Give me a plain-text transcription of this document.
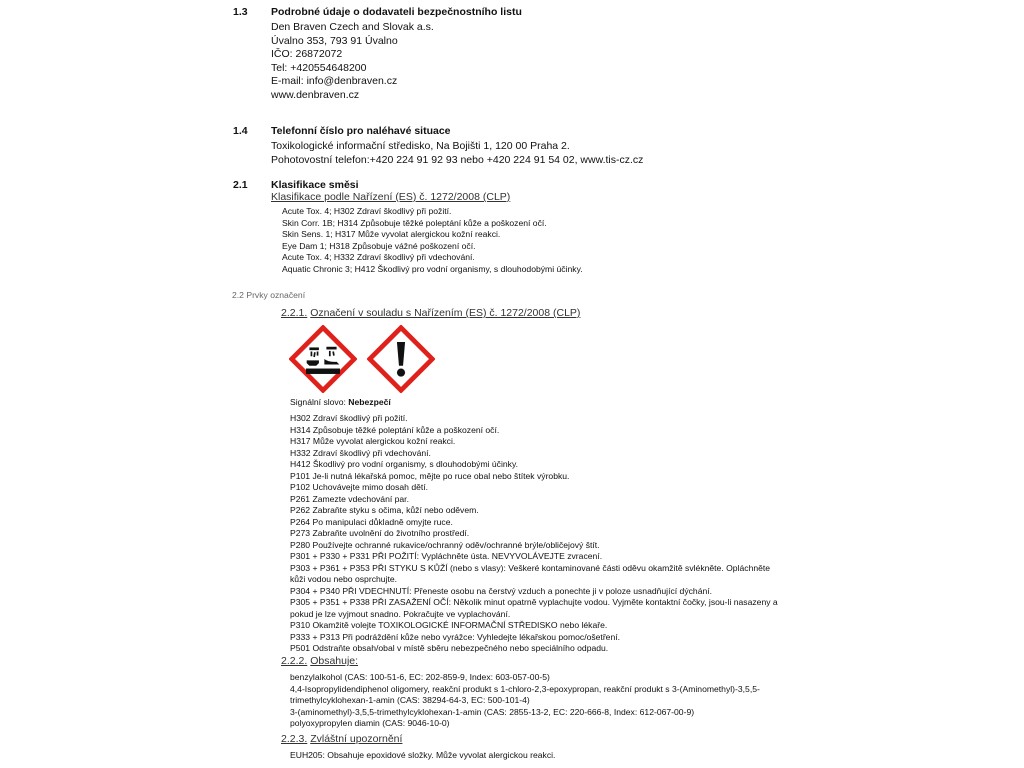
1.3 Podrobné údaje o dodavateli bezpečnostního listu
Den Braven Czech and Slovak a.s.
Úvalno 353, 793 91 Úvalno
IČO: 26872072
Tel: +420554648200
E-mail: info@denbraven.cz
www.denbraven.cz
1.4 Telefonní číslo pro naléhavé situace
Toxikologické informační středisko, Na Bojišti 1, 120 00 Praha 2.
Pohotovostní telefon:+420 224 91 92 93 nebo +420 224 91 54 02, www.tis-cz.cz
2.1 Klasifikace směsi
Klasifikace podle Nařízení (ES) č. 1272/2008 (CLP)
Acute Tox. 4; H302 Zdraví škodlivý při požití.
Skin Corr. 1B; H314 Způsobuje těžké poleptání kůže a poškození očí.
Skin Sens. 1; H317 Může vyvolat alergickou kožní reakci.
Eye Dam 1; H318 Způsobuje vážné poškození očí.
Acute Tox. 4; H332 Zdraví škodlivý při vdechování.
Aquatic Chronic 3; H412 Škodlivý pro vodní organismy, s dlouhodobými účinky.
2.2 Prvky označení
2.2.1. Označení v souladu s Nařízením (ES) č. 1272/2008 (CLP)
Signální slovo: Nebezpečí
H302 Zdraví škodlivý při požití.
H314 Způsobuje těžké poleptání kůže a poškození očí.
H317 Může vyvolat alergickou kožní reakci.
H332 Zdraví škodlivý při vdechování.
H412 Škodlivý pro vodní organismy, s dlouhodobými účinky.
P101 Je-li nutná lékařská pomoc, mějte po ruce obal nebo štítek výrobku.
P102 Uchovávejte mimo dosah dětí.
P261 Zamezte vdechování par.
P262 Zabraňte styku s očima, kůží nebo oděvem.
P264 Po manipulaci důkladně omyjte ruce.
P273 Zabraňte uvolnění do životního prostředí.
P280 Používejte ochranné rukavice/ochranný oděv/ochranné brýle/obličejový štít.
P301 + P330 + P331 PŘI POŽITÍ: Vypláchněte ústa. NEVYVOLÁVEJTE zvracení.
P303 + P361 + P353 PŘI STYKU S KŮŽÍ (nebo s vlasy): Veškeré kontaminované části oděvu okamžitě svlékněte. Opláchněte
kůži vodou nebo osprchujte.
P304 + P340 PŘI VDECHNUTÍ: Přeneste osobu na čerstvý vzduch a ponechte ji v poloze usnadňující dýchání.
P305 + P351 + P338 PŘI ZASAŽENÍ OČÍ: Několik minut opatrně vyplachujte vodou. Vyjměte kontaktní čočky, jsou-li nasazeny a
pokud je lze vyjmout snadno. Pokračujte ve vyplachování.
P310 Okamžitě volejte TOXIKOLOGICKÉ INFORMAČNÍ STŘEDISKO nebo lékaře.
P333 + P313 Při podráždění kůže nebo vyrážce: Vyhledejte lékařskou pomoc/ošetření.
P501 Odstraňte obsah/obal v místě sběru nebezpečného nebo speciálního odpadu.
2.2.2. Obsahuje:
benzylalkohol (CAS: 100-51-6, EC: 202-859-9, Index: 603-057-00-5)
4,4-Isopropylidendiphenol oligomery, reakční produkt s 1-chloro-2,3-epoxypropan, reakční produkt s 3-(Aminomethyl)-3,5,5-
trimethylcyklohexan-1-amin (CAS: 38294-64-3, EC: 500-101-4)
3-(aminomethyl)-3,5,5-trimethylcyklohexan-1-amin (CAS: 2855-13-2, EC: 220-666-8, Index: 612-067-00-9)
polyoxypropylen diamin (CAS: 9046-10-0)
2.2.3. Zvláštní upozornění
EUH205: Obsahuje epoxidové složky. Může vyvolat alergickou reakci.
